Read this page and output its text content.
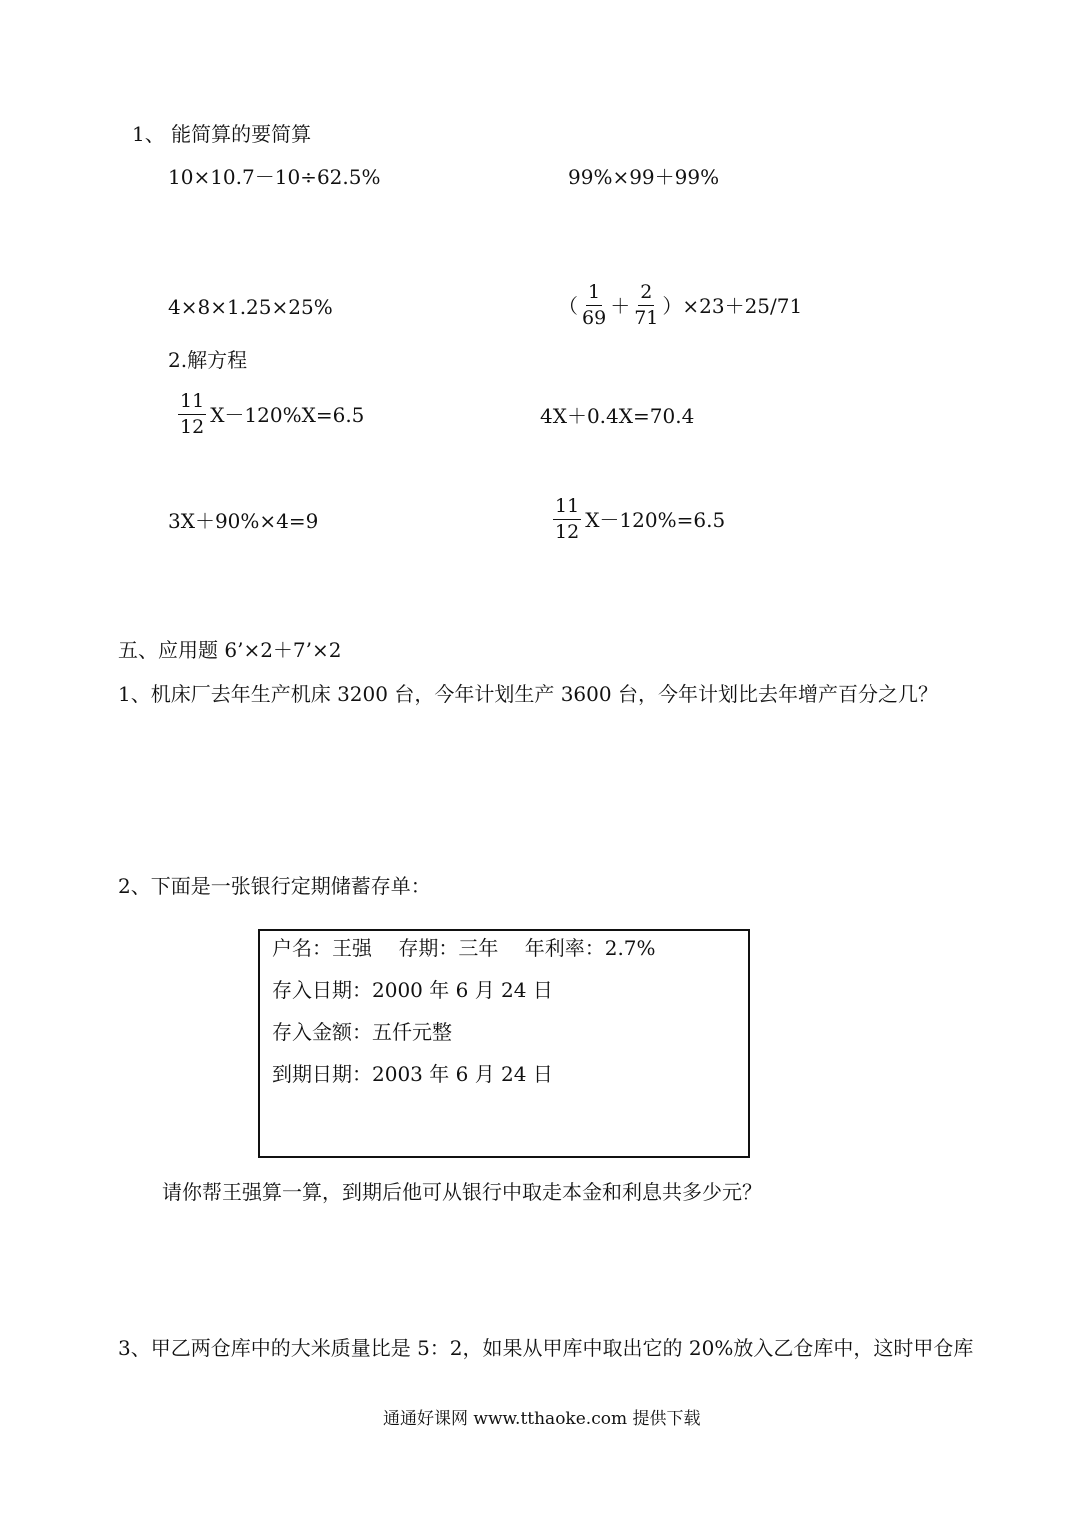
1、 能简算的要简算
10×10.7－10÷62.5%	99%×99＋99%
4×8×1.25×25%	（ $\frac{1}{69} + \frac{2}{71} )\times 23+25/71$
2.解方程
$\frac{11}{12} X-120\%X=6.5$	4X＋0.4X=70.4
3X＋90%×4=9	$\frac{11}{12} X-120\%=6.5$
五、应用题 6’×2＋7’×2
1、机床厂去年生产机床 3200 台，今年计划生产 3600 台，今年计划比去年增产百分之几？
2、下面是一张银行定期储蓄存单：
户名：王强　 存期：三年　 年利率：2.7%
存入日期：2000 年 6 月 24 日
存入金额：五仟元整
到期日期：2003 年 6 月 24 日
请你帮王强算一算，到期后他可从银行中取走本金和利息共多少元？
3、甲乙两仓库中的大米质量比是 5：2，如果从甲库中取出它的 20%放入乙仓库中，这时甲仓库
通通好课网 www.tthaoke.com 提供下载
